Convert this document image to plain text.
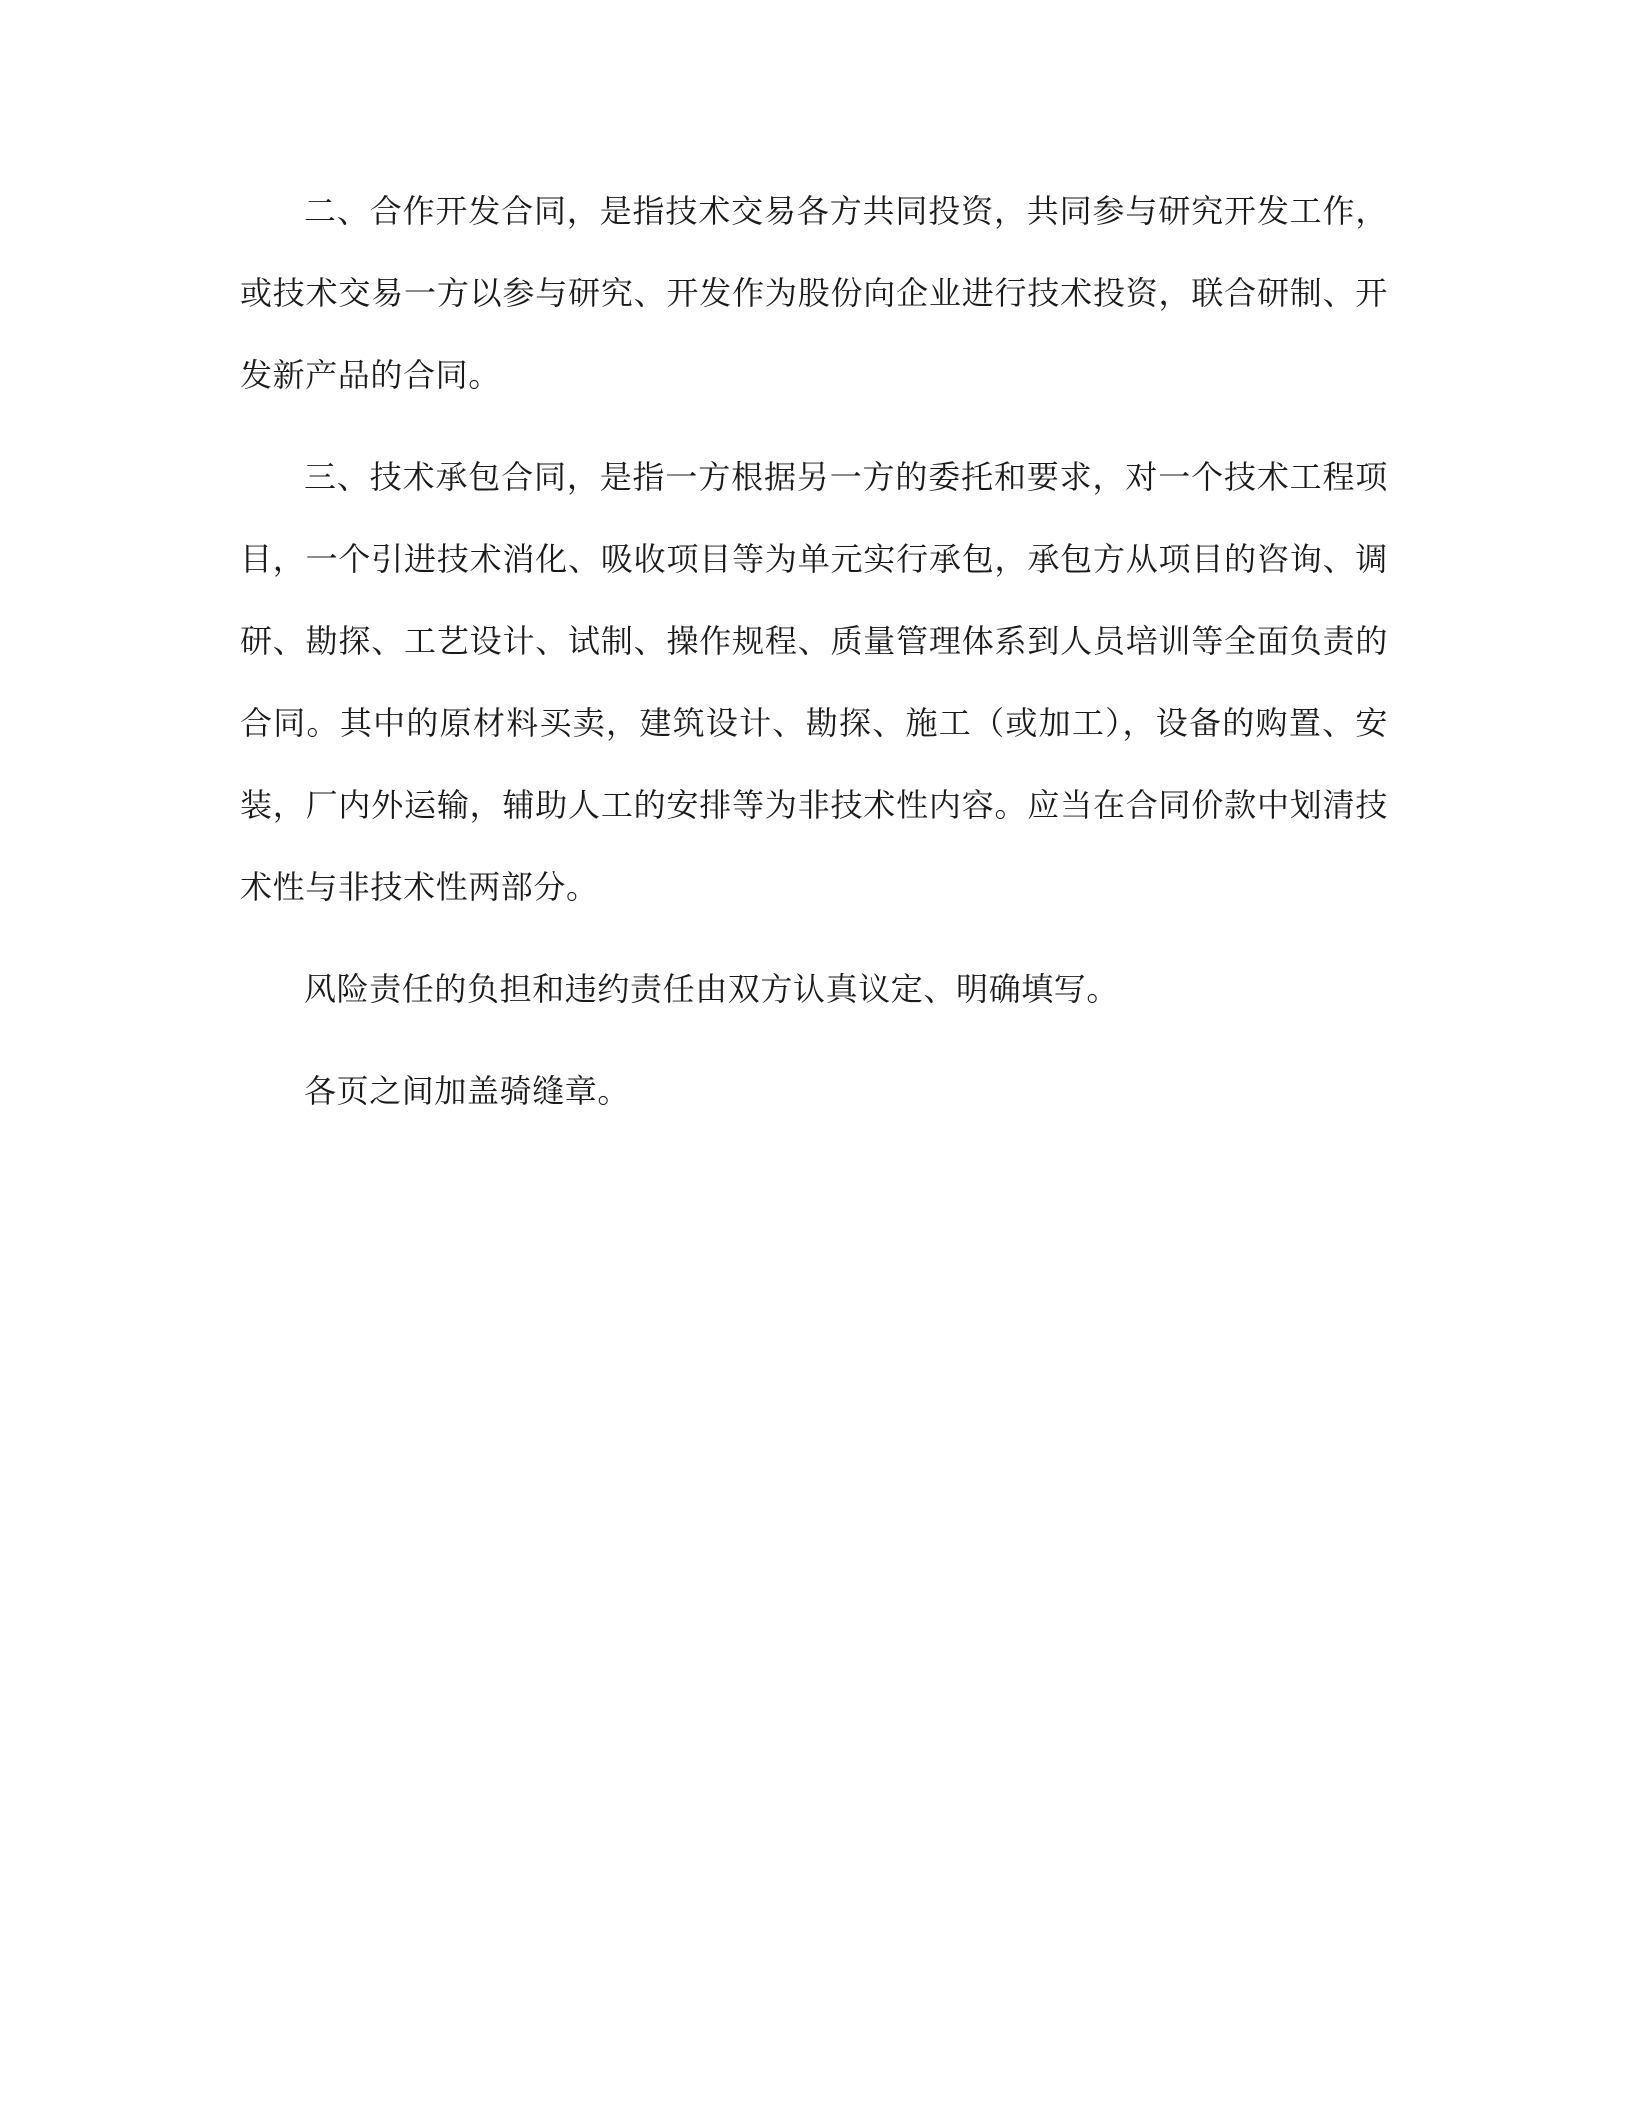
二、合作开发合同，是指技术交易各方共同投资，共同参与研究开发工作，或技术交易一方以参与研究、开发作为股份向企业进行技术投资，联合研制、开发新产品的合同。

三、技术承包合同，是指一方根据另一方的委托和要求，对一个技术工程项目，一个引进技术消化、吸收项目等为单元实行承包，承包方从项目的咨询、调研、勘探、工艺设计、试制、操作规程、质量管理体系到人员培训等全面负责的合同。其中的原材料买卖，建筑设计、勘探、施工（或加工），设备的购置、安装，厂内外运输，辅助人工的安排等为非技术性内容。应当在合同价款中划清技术性与非技术性两部分。

风险责任的负担和违约责任由双方认真议定、明确填写。

各页之间加盖骑缝章。
